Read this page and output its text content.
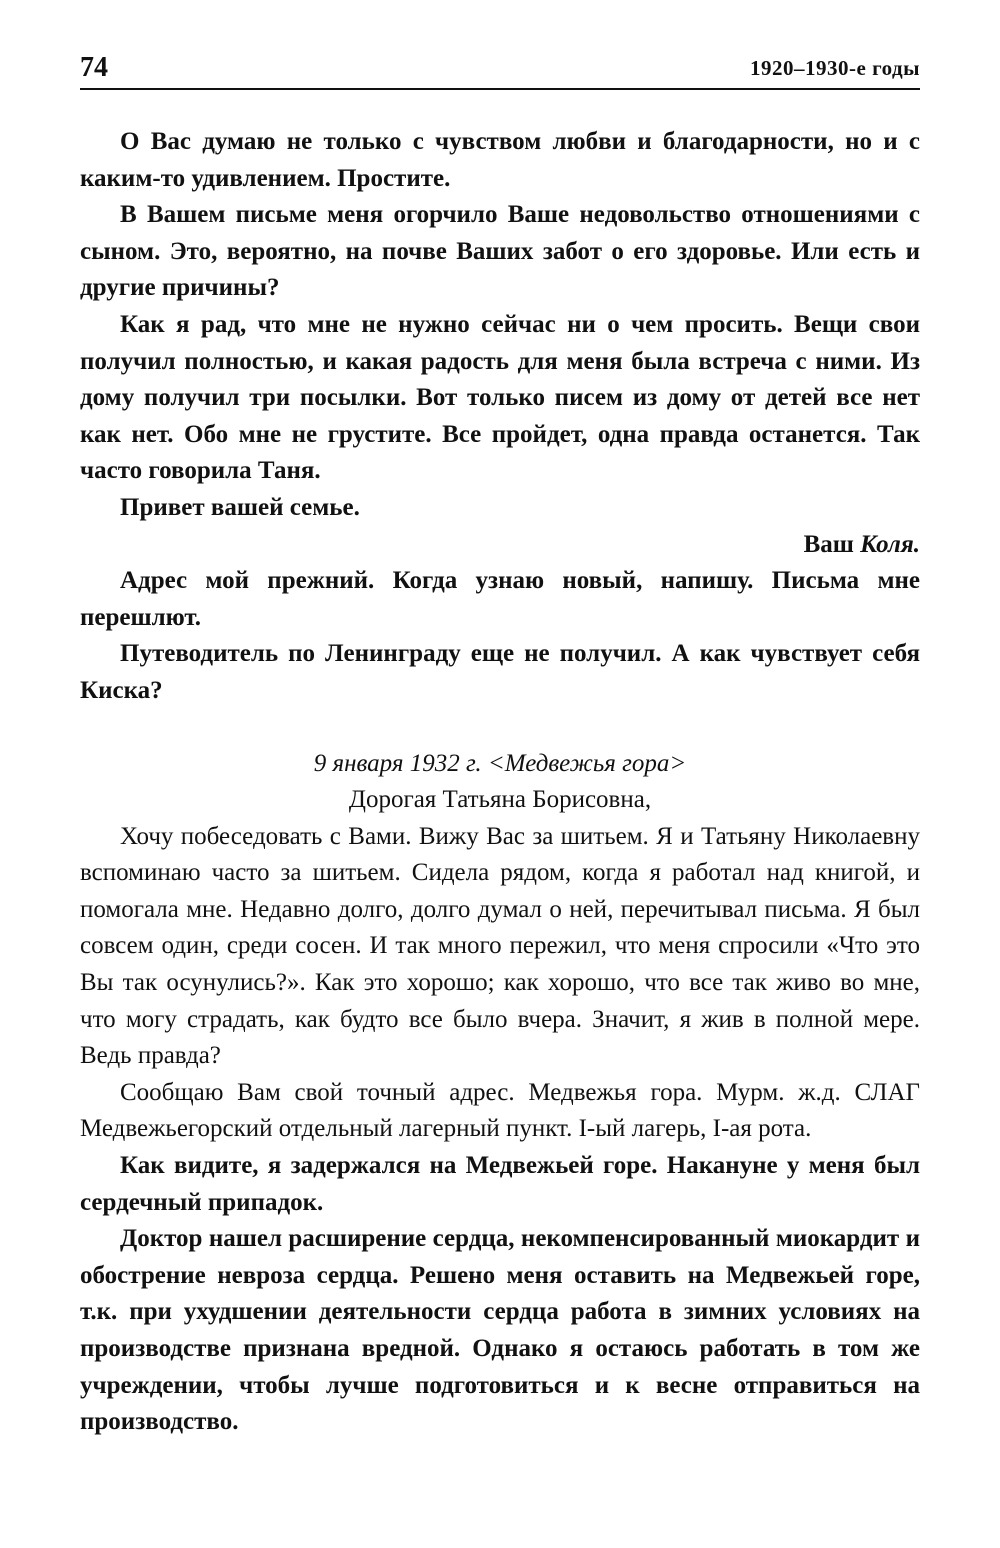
74	1920–1930-е годы

О Вас думаю не только с чувством любви и благодарности, но и с каким-то удивлением. Простите.

В Вашем письме меня огорчило Ваше недовольство отношениями с сыном. Это, вероятно, на почве Ваших забот о его здоровье. Или есть и другие причины?

Как я рад, что мне не нужно сейчас ни о чем просить. Вещи свои получил полностью, и какая радость для меня была встреча с ними. Из дому получил три посылки. Вот только писем из дому от детей все нет как нет. Обо мне не грустите. Все пройдет, одна правда останется. Так часто говорила Таня.

Привет вашей семье.

Ваш Коля.

Адрес мой прежний. Когда узнаю новый, напишу. Письма мне перешлют.

Путеводитель по Ленинграду еще не получил. А как чувствует себя Киска?

9 января 1932 г. <Медвежья гора>

Дорогая Татьяна Борисовна,

Хочу побеседовать с Вами. Вижу Вас за шитьем. Я и Татьяну Николаевну вспоминаю часто за шитьем. Сидела рядом, когда я работал над книгой, и помогала мне. Недавно долго, долго думал о ней, перечитывал письма. Я был совсем один, среди сосен. И так много пережил, что меня спросили «Что это Вы так осунулись?». Как это хорошо; как хорошо, что все так живо во мне, что могу страдать, как будто все было вчера. Значит, я жив в полной мере. Ведь правда?

Сообщаю Вам свой точный адрес. Медвежья гора. Мурм. ж.д. СЛАГ Медвежьегорский отдельный лагерный пункт. I-ый лагерь, I-ая рота.

Как видите, я задержался на Медвежьей горе. Накануне у меня был сердечный припадок.

Доктор нашел расширение сердца, некомпенсированный миокардит и обострение невроза сердца. Решено меня оставить на Медвежьей горе, т.к. при ухудшении деятельности сердца работа в зимних условиях на производстве признана вредной. Однако я остаюсь работать в том же учреждении, чтобы лучше подготовиться и к весне отправиться на производство.
